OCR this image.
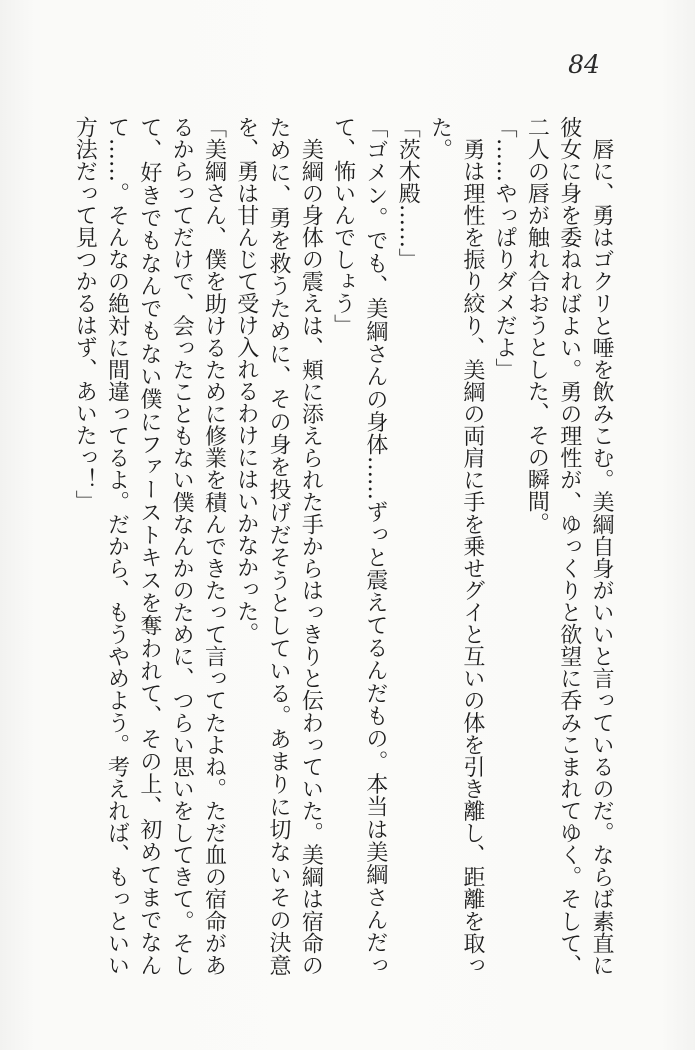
84

唇に、勇はゴクリと唾を飲みこむ。美綱自身がいいと言っているのだ。ならば素直に彼女に身を委ねればよい。勇の理性が、ゆっくりと欲望に呑みこまれてゆく。そして、二人の唇が触れ合おうとした、その瞬間。

「……やっぱりダメだよ」

勇は理性を振り絞り、美綱の両肩に手を乗せグイと互いの体を引き離し、距離を取った。

「茨木殿……」

「ゴメン。でも、美綱さんの身体……ずっと震えてるんだもの。本当は美綱さんだって、怖いんでしょう」

美綱の身体の震えは、頬に添えられた手からはっきりと伝わっていた。美綱は宿命のために、勇を救うために、その身を投げだそうとしている。あまりに切ないその決意を、勇は甘んじて受け入れるわけにはいかなかった。

「美綱さん、僕を助けるために修業を積んできたって言ってたよね。ただ血の宿命があるからってだけで、会ったこともない僕なんかのために、つらい思いをしてきて。そして、好きでもなんでもない僕にファーストキスを奪われて、その上、初めてまでなんて……。そんなの絶対に間違ってるよ。だから、もうやめよう。考えれば、もっといい方法だって見つかるはず、あいたっ！」
